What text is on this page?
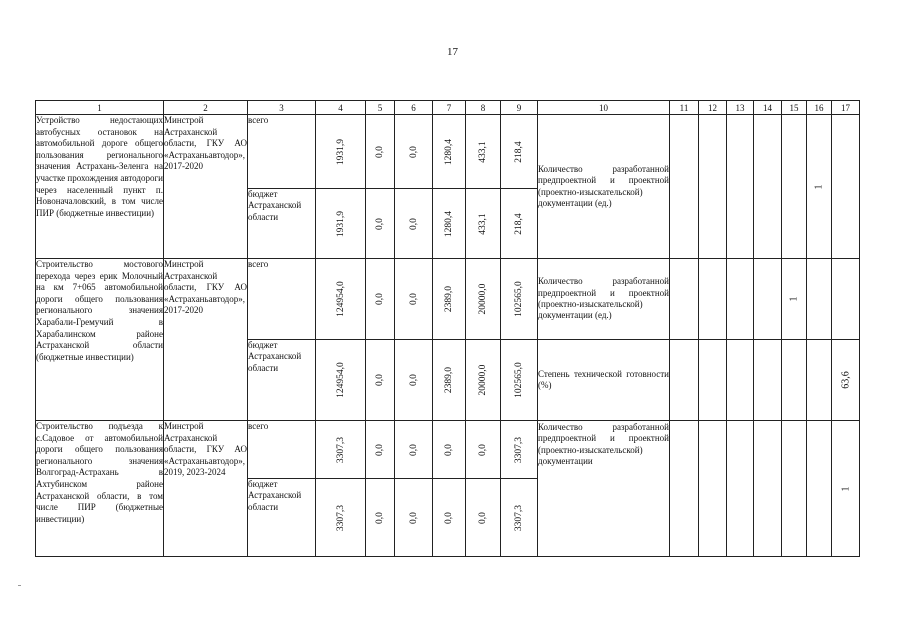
17
1	2	3	4	5	6	7	8	9	10	11	12	13	14	15	16	17
Устройство недостающих автобусных остановок на автомобильной дороге общего пользования регионального значения Астрахань-Зеленга на участке прохождения автодороги через населенный пункт п. Новоначаловский, в том числе ПИР (бюджетные инвестиции)	Минстрой Астраханской области, ГКУ АО «Астраханьавтодор», 2017-2020	всего	1931,9	0,0	0,0	1280,4	433,1	218,4	Количество разработанной предпроектной и проектной (проектно-изыскательской) документации (ед.)						1	

		бюджет Астраханской области	1931,9	0,0	0,0	1280,4	433,1	218,4								

Строительство мостового перехода через ерик Молочный на км 7+065 автомобильной дороги общего пользования регионального значения Харабали-Гремучий в Харабалинском районе Астраханской области (бюджетные инвестиции)	Минстрой Астраханской области, ГКУ АО «Астраханьавтодор», 2017-2020	всего	124954,0	0,0	0,0	2389,0	20000,0	102565,0	Количество разработанной предпроектной и проектной (проектно-изыскательской) документации (ед.)					1		

		бюджет Астраханской области	124954,0	0,0	0,0	2389,0	20000,0	102565,0	Степень технической готовности (%)							63,6

Строительство подъезда к с.Садовое от автомобильной дороги общего пользования регионального значения Волгоград-Астрахань в Ахтубинском районе Астраханской области, в том числе ПИР (бюджетные инвестиции)	Минстрой Астраханской области, ГКУ АО «Астраханьавтодор», 2019, 2023-2024	всего	3307,3	0,0	0,0	0,0	0,0	3307,3	Количество разработанной предпроектной и проектной (проектно-изыскательской) документации							1

		бюджет Астраханской области	3307,3	0,0	0,0	0,0	0,0	3307,3								
